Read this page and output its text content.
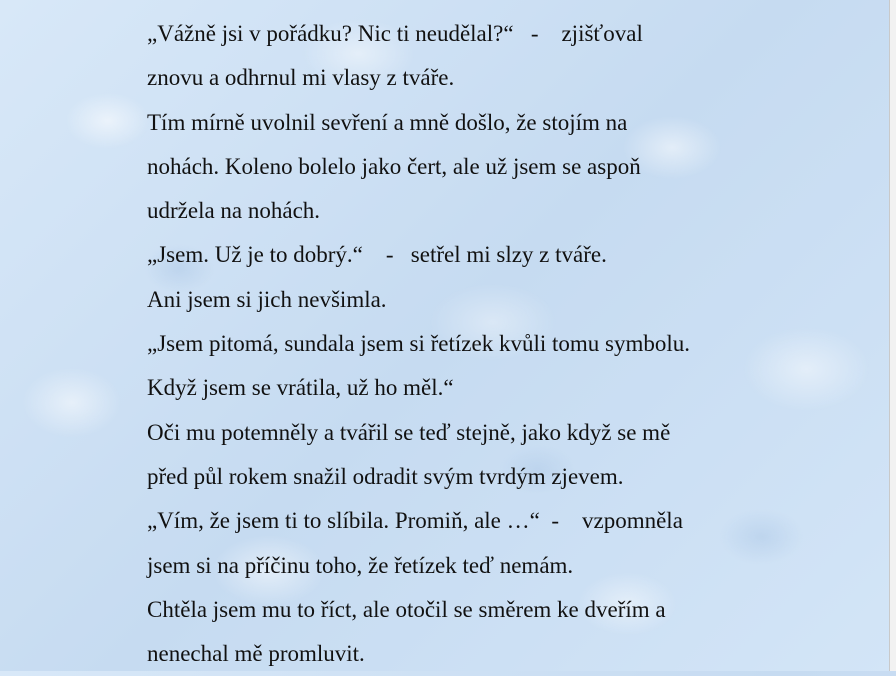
„Vážně jsi v pořádku? Nic ti neudělal?“   -    zjišťoval
znovu a odhrnul mi vlasy z tváře.
Tím mírně uvolnil sevření a mně došlo, že stojím na
nohách. Koleno bolelo jako čert, ale už jsem se aspoň
udržela na nohách.
„Jsem. Už je to dobrý.“    -   setřel mi slzy z tváře.
Ani jsem si jich nevšimla.
„Jsem pitomá, sundala jsem si řetízek kvůli tomu symbolu.
Když jsem se vrátila, už ho měl.“
Oči mu potemněly a tvářil se teď stejně, jako když se mě
před půl rokem snažil odradit svým tvrdým zjevem.
„Vím, že jsem ti to slíbila. Promiň, ale …“  -    vzpomněla
jsem si na příčinu toho, že řetízek teď nemám.
Chtěla jsem mu to říct, ale otočil se směrem ke dveřím a
nenechal mě promluvit.
